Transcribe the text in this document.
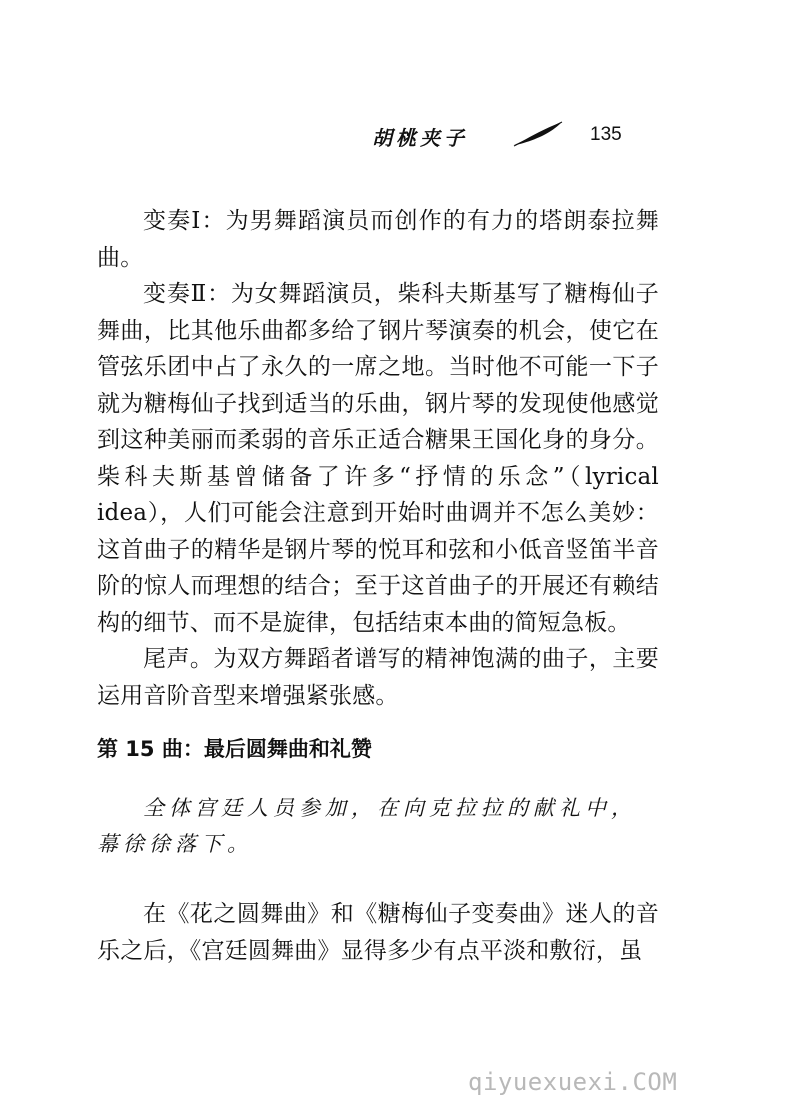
胡桃夹子	135

变奏Ⅰ：为男舞蹈演员而创作的有力的塔朗泰拉舞曲。

变奏Ⅱ：为女舞蹈演员，柴科夫斯基写了糖梅仙子舞曲，比其他乐曲都多给了钢片琴演奏的机会，使它在管弦乐团中占了永久的一席之地。当时他不可能一下子就为糖梅仙子找到适当的乐曲，钢片琴的发现使他感觉到这种美丽而柔弱的音乐正适合糖果王国化身的身分。柴科夫斯基曾储备了许多“抒情的乐念”（lyrical idea），人们可能会注意到开始时曲调并不怎么美妙：这首曲子的精华是钢片琴的悦耳和弦和小低音竖笛半音阶的惊人而理想的结合；至于这首曲子的开展还有赖结构的细节、而不是旋律，包括结束本曲的简短急板。

尾声。为双方舞蹈者谱写的精神饱满的曲子，主要运用音阶音型来增强紧张感。

第 15 曲：最后圆舞曲和礼赞

全体宫廷人员参加，在向克拉拉的献礼中，幕徐徐落下。

在《花之圆舞曲》和《糖梅仙子变奏曲》迷人的音乐之后，《宫廷圆舞曲》显得多少有点平淡和敷衍，虽

qiyuexuexi.COM
